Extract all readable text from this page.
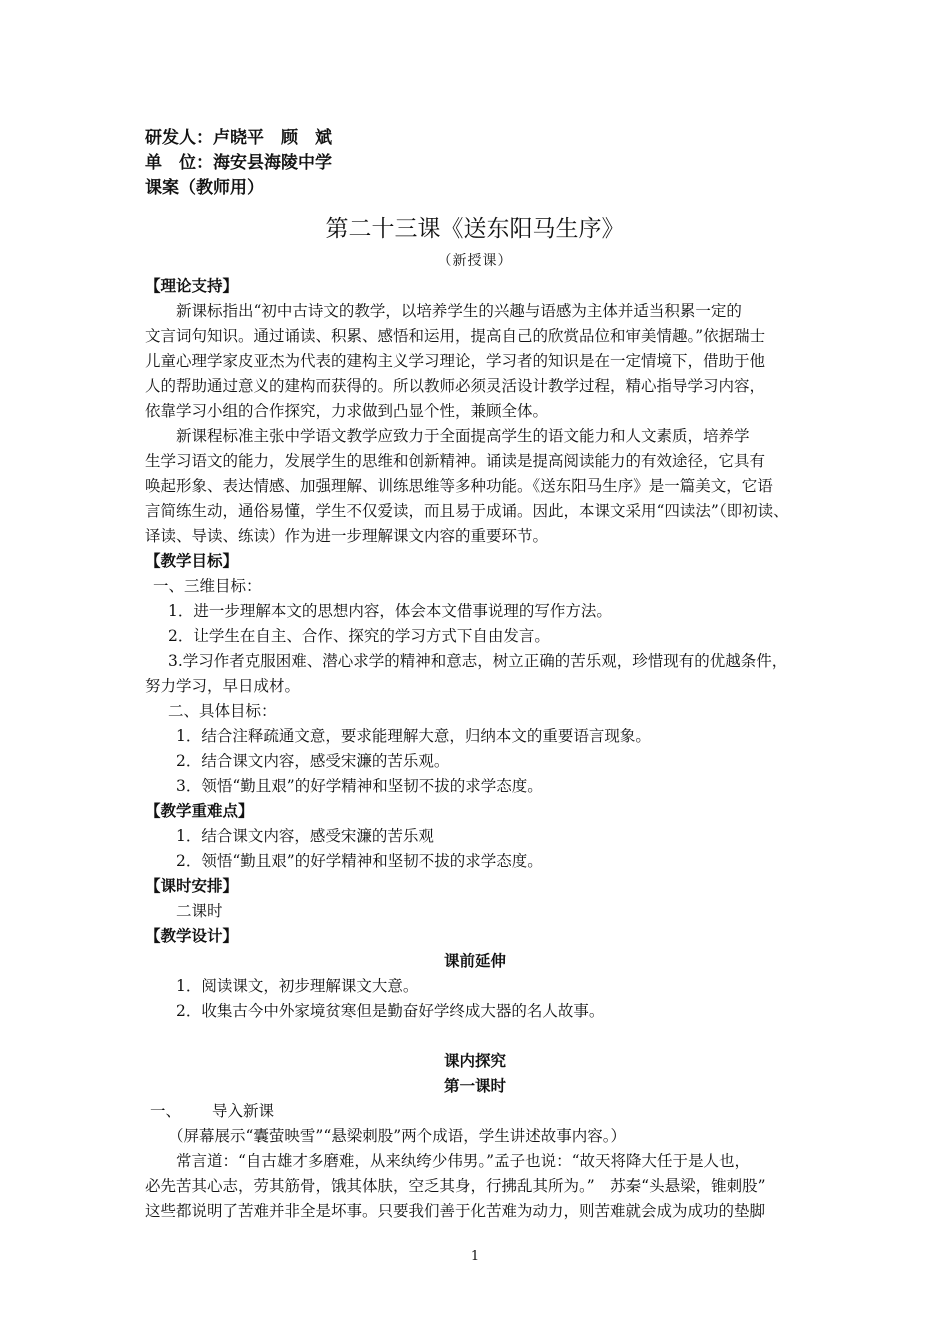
研发人：卢晓平　顾　斌
单　位：海安县海陵中学
课案（教师用）
第二十三课《送东阳马生序》
（新授课）
【理论支持】
新课标指出“初中古诗文的教学，以培养学生的兴趣与语感为主体并适当积累一定的
文言词句知识。通过诵读、积累、感悟和运用，提高自己的欣赏品位和审美情趣。”依据瑞士
儿童心理学家皮亚杰为代表的建构主义学习理论，学习者的知识是在一定情境下，借助于他
人的帮助通过意义的建构而获得的。所以教师必须灵活设计教学过程，精心指导学习内容，
依靠学习小组的合作探究，力求做到凸显个性，兼顾全体。
新课程标准主张中学语文教学应致力于全面提高学生的语文能力和人文素质，培养学
生学习语文的能力，发展学生的思维和创新精神。诵读是提高阅读能力的有效途径，它具有
唤起形象、表达情感、加强理解、训练思维等多种功能。《送东阳马生序》是一篇美文，它语
言简练生动，通俗易懂，学生不仅爱读，而且易于成诵。因此，本课文采用“四读法”（即初读、
译读、导读、练读）作为进一步理解课文内容的重要环节。
【教学目标】
一、三维目标：
1．进一步理解本文的思想内容，体会本文借事说理的写作方法。
2．让学生在自主、合作、探究的学习方式下自由发言。
3.学习作者克服困难、潜心求学的精神和意志，树立正确的苦乐观，珍惜现有的优越条件，
努力学习，早日成材。
二、具体目标：
1．结合注释疏通文意，要求能理解大意，归纳本文的重要语言现象。
2．结合课文内容，感受宋濂的苦乐观。
3．领悟“勤且艰”的好学精神和坚韧不拔的求学态度。
【教学重难点】
1．结合课文内容，感受宋濂的苦乐观
2．领悟“勤且艰”的好学精神和坚韧不拔的求学态度。
【课时安排】
二课时
【教学设计】
课前延伸
1．阅读课文，初步理解课文大意。
2．收集古今中外家境贫寒但是勤奋好学终成大器的名人故事。
课内探究
第一课时
一、 导入新课
（屏幕展示“囊萤映雪”“悬梁刺股”两个成语，学生讲述故事内容。）
常言道：“自古雄才多磨难，从来纨绔少伟男。”孟子也说：“故天将降大任于是人也，
必先苦其心志，劳其筋骨，饿其体肤，空乏其身，行拂乱其所为。”　苏秦“头悬梁，锥刺股”
这些都说明了苦难并非全是坏事。只要我们善于化苦难为动力，则苦难就会成为成功的垫脚
1
